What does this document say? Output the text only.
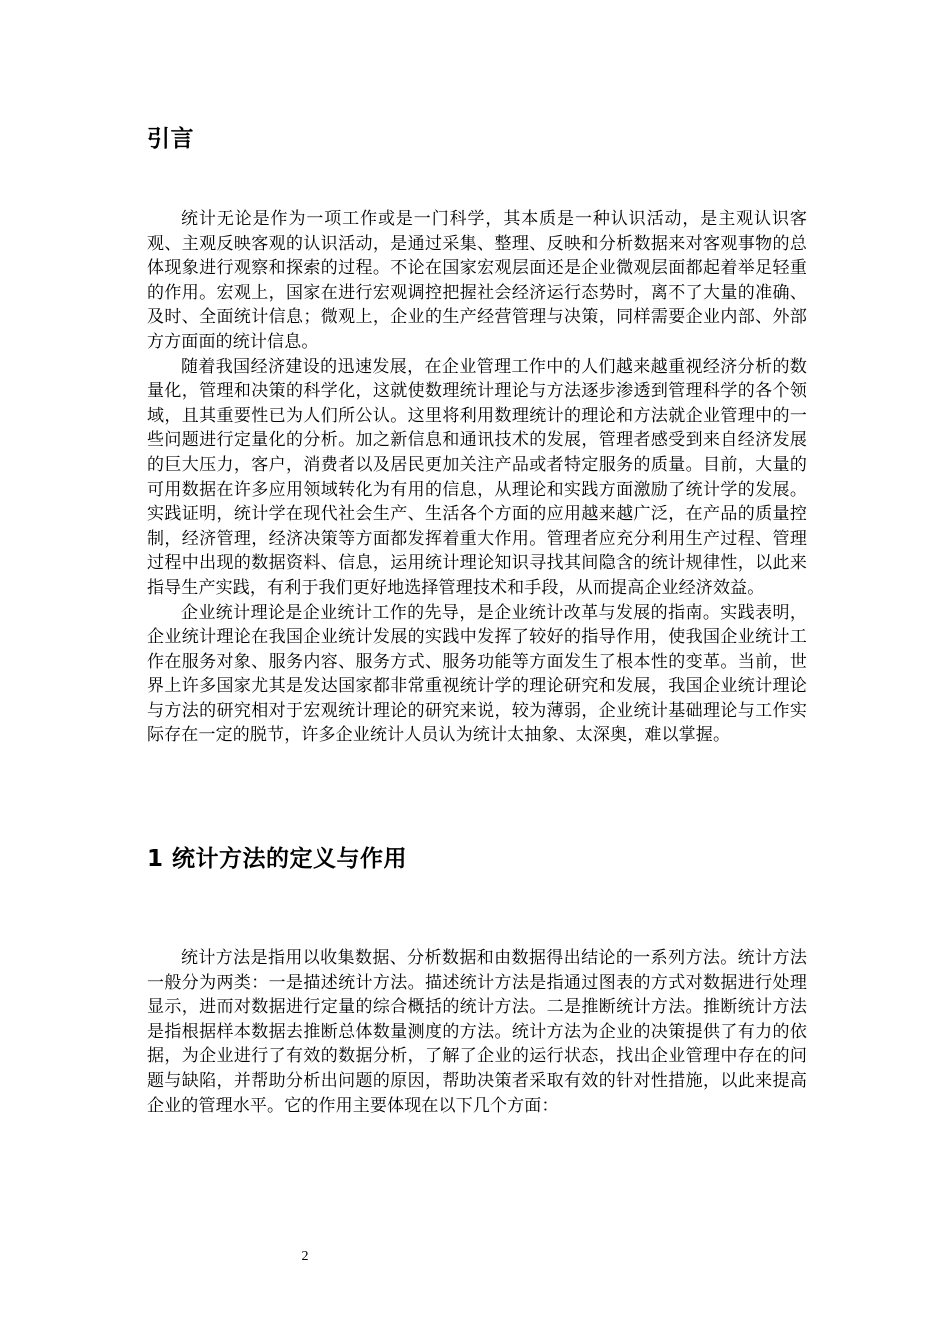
引言

统计无论是作为一项工作或是一门科学，其本质是一种认识活动，是主观认识客观、主观反映客观的认识活动，是通过采集、整理、反映和分析数据来对客观事物的总体现象进行观察和探索的过程。不论在国家宏观层面还是企业微观层面都起着举足轻重的作用。宏观上，国家在进行宏观调控把握社会经济运行态势时，离不了大量的准确、及时、全面统计信息；微观上，企业的生产经营管理与决策，同样需要企业内部、外部方方面面的统计信息。

随着我国经济建设的迅速发展，在企业管理工作中的人们越来越重视经济分析的数量化，管理和决策的科学化，这就使数理统计理论与方法逐步渗透到管理科学的各个领域，且其重要性已为人们所公认。这里将利用数理统计的理论和方法就企业管理中的一些问题进行定量化的分析。加之新信息和通讯技术的发展，管理者感受到来自经济发展的巨大压力，客户，消费者以及居民更加关注产品或者特定服务的质量。目前，大量的可用数据在许多应用领域转化为有用的信息，从理论和实践方面激励了统计学的发展。实践证明，统计学在现代社会生产、生活各个方面的应用越来越广泛，在产品的质量控制，经济管理，经济决策等方面都发挥着重大作用。管理者应充分利用生产过程、管理过程中出现的数据资料、信息，运用统计理论知识寻找其间隐含的统计规律性，以此来指导生产实践，有利于我们更好地选择管理技术和手段，从而提高企业经济效益。

企业统计理论是企业统计工作的先导，是企业统计改革与发展的指南。实践表明，企业统计理论在我国企业统计发展的实践中发挥了较好的指导作用，使我国企业统计工作在服务对象、服务内容、服务方式、服务功能等方面发生了根本性的变革。当前，世界上许多国家尤其是发达国家都非常重视统计学的理论研究和发展，我国企业统计理论与方法的研究相对于宏观统计理论的研究来说，较为薄弱，企业统计基础理论与工作实际存在一定的脱节，许多企业统计人员认为统计太抽象、太深奥，难以掌握。

1 统计方法的定义与作用

统计方法是指用以收集数据、分析数据和由数据得出结论的一系列方法。统计方法一般分为两类：一是描述统计方法。描述统计方法是指通过图表的方式对数据进行处理显示，进而对数据进行定量的综合概括的统计方法。二是推断统计方法。推断统计方法是指根据样本数据去推断总体数量测度的方法。统计方法为企业的决策提供了有力的依据，为企业进行了有效的数据分析，了解了企业的运行状态，找出企业管理中存在的问题与缺陷，并帮助分析出问题的原因，帮助决策者采取有效的针对性措施，以此来提高企业的管理水平。它的作用主要体现在以下几个方面：

2
